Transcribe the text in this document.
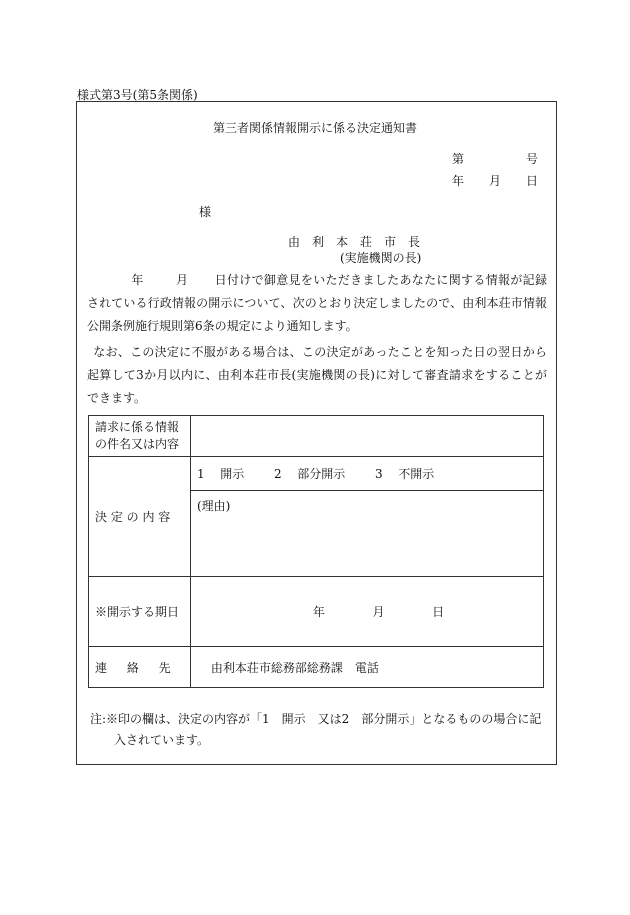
様式第3号(第5条関係)
第三者関係情報開示に係る決定通知書
第	号
年 月 日
様
由利本荘市長
(実施機関の長)
年	月 日付けで御意見をいただきましたあなたに関する情報が記録されている行政情報の開示について、次のとおり決定しましたので、由利本荘市情報公開条例施行規則第6条の規定により通知します。
なお、この決定に不服がある場合は、この決定があったことを知った日の翌日から起算して3か月以内に、由利本荘市長(実施機関の長)に対して審査請求をすることができます。
請求に係る情報
の件名又は内容	
決 定 の 内 容	1 開示 2 部分開示 3 不開示
	(理由)
※開示する期日	年 月 日
連 絡 先	由利本荘市総務部総務課　電話
注:※印の欄は、決定の内容が「1　開示　又は2　部分開示」となるものの場合に記
入されています。
